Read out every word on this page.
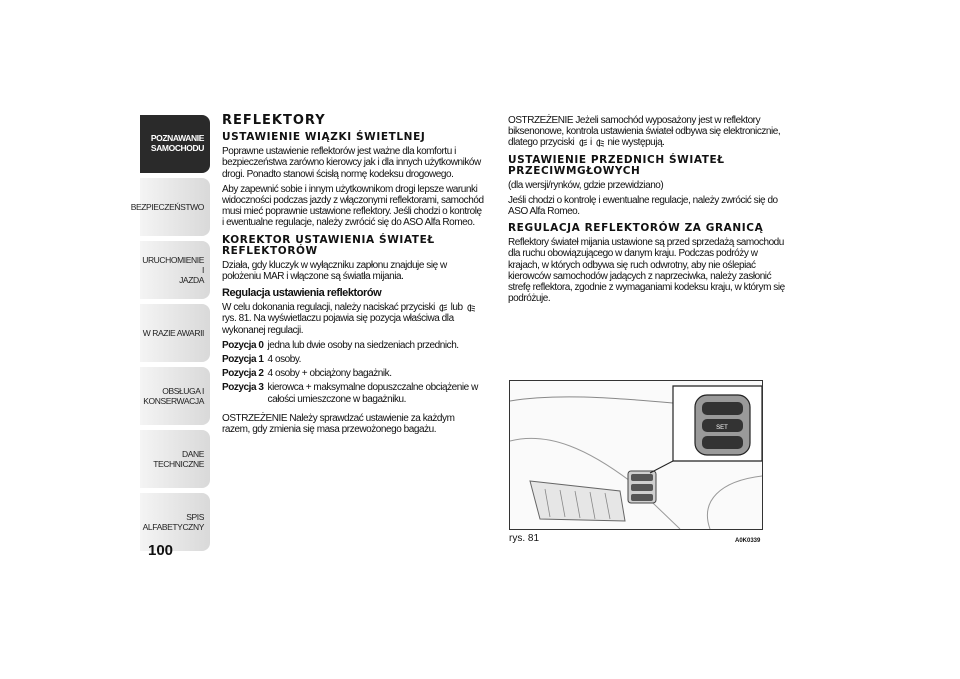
POZNAWANIE
SAMOCHODU
BEZPIECZEŃSTWO
URUCHOMIENIE I
JAZDA
W RAZIE AWARII
OBSŁUGA I
KONSERWACJA
DANE TECHNICZNE
SPIS ALFABETYCZNY
100
REFLEKTORY
USTAWIENIE WIĄZKI ŚWIETLNEJ

Poprawne ustawienie reflektorów jest ważne dla komfortu i bezpieczeństwa zarówno kierowcy jak i dla innych użytkowników drogi. Ponadto stanowi ścisłą normę kodeksu drogowego.

Aby zapewnić sobie i innym użytkownikom drogi lepsze warunki widoczności podczas jazdy z włączonymi reflektorami, samochód musi mieć poprawnie ustawione reflektory. Jeśli chodzi o kontrolę i ewentualne regulacje, należy zwrócić się do ASO Alfa Romeo.

KOREKTOR USTAWIENIA ŚWIATEŁ REFLEKTORÓW

Działa, gdy kluczyk w wyłączniku zapłonu znajduje się w położeniu MAR i włączone są światła mijania.

Regulacja ustawienia reflektorów

W celu dokonania regulacji, należy naciskać przyciski lub  rys. 81. Na wyświetlaczu pojawia się pozycja właściwa dla wykonanej regulacji.

Pozycja 0 jedna lub dwie osoby na siedzeniach przednich.
Pozycja 1 4 osoby.
Pozycja 2 4 osoby + obciążony bagażnik.
Pozycja 3 kierowca + maksymalne dopuszczalne obciążenie w całości umieszczone w bagażniku.

OSTRZEŻENIE Należy sprawdzać ustawienie za każdym razem, gdy zmienia się masa przewożonego bagażu.

OSTRZEŻENIE Jeżeli samochód wyposażony jest w reflektory biksenonowe, kontrola ustawienia świateł odbywa się elektronicznie, dlatego przyciski i nie występują.

USTAWIENIE PRZEDNICH ŚWIATEŁ PRZECIWMGŁOWYCH

(dla wersji/rynków, gdzie przewidziano)

Jeśli chodzi o kontrolę i ewentualne regulacje, należy zwrócić się do ASO Alfa Romeo.

REGULACJA REFLEKTORÓW ZA GRANICĄ

Reflektory świateł mijania ustawione są przed sprzedażą samochodu dla ruchu obowiązującego w danym kraju. Podczas podróży w krajach, w których odbywa się ruch odwrotny, aby nie oślepiać kierowców samochodów jadących z naprzeciwka, należy zasłonić strefę reflektora, zgodnie z wymaganiami kodeksu kraju, w którym się podróżuje.

SET
rys. 81	A0K0339
